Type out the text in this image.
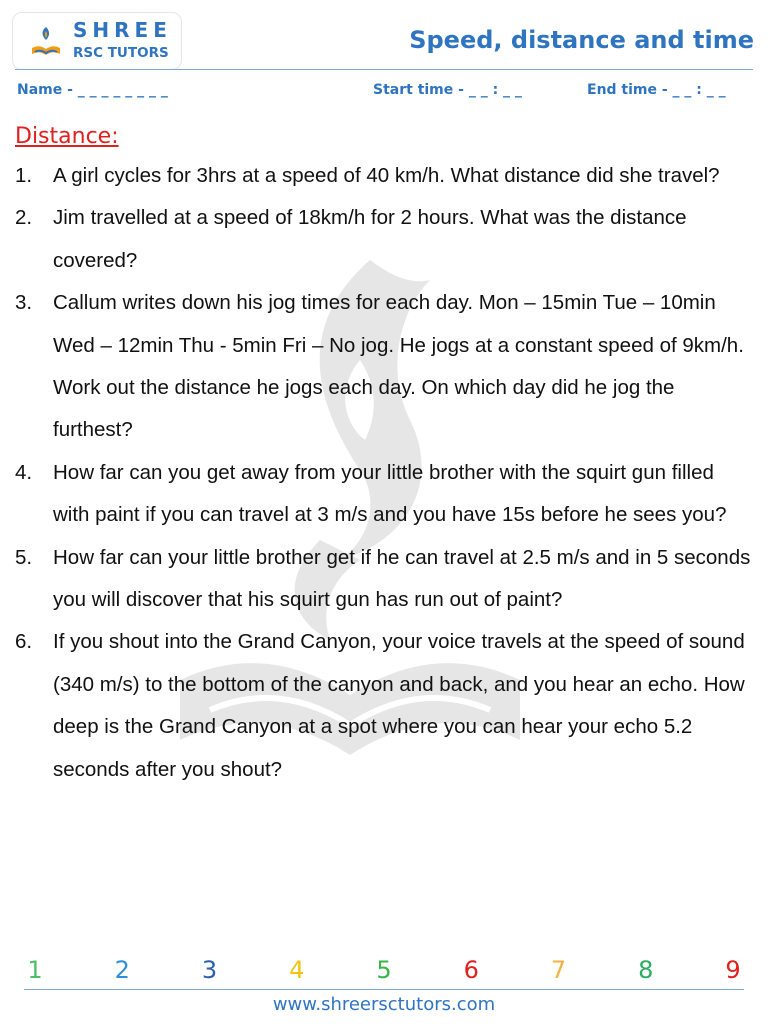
SHREE
RSC TUTORS	Speed, distance and time
Name - _ _ _ _ _ _ _ _	Start time - _ _ : _ _	End time - _ _ : _ _
Distance:
1. A girl cycles for 3hrs at a speed of 40 km/h. What distance did she travel?
2. Jim travelled at a speed of 18km/h for 2 hours. What was the distance covered?
3. Callum writes down his jog times for each day. Mon – 15min Tue – 10min Wed – 12min Thu - 5min Fri – No jog. He jogs at a constant speed of 9km/h. Work out the distance he jogs each day. On which day did he jog the furthest?
4. How far can you get away from your little brother with the squirt gun filled with paint if you can travel at 3 m/s and you have 15s before he sees you?
5. How far can your little brother get if he can travel at 2.5 m/s and in 5 seconds you will discover that his squirt gun has run out of paint?
6. If you shout into the Grand Canyon, your voice travels at the speed of sound (340 m/s) to the bottom of the canyon and back, and you hear an echo. How deep is the Grand Canyon at a spot where you can hear your echo 5.2 seconds after you shout?
1	2	3	4	5	6	7	8	9
www.shreersctutors.com
